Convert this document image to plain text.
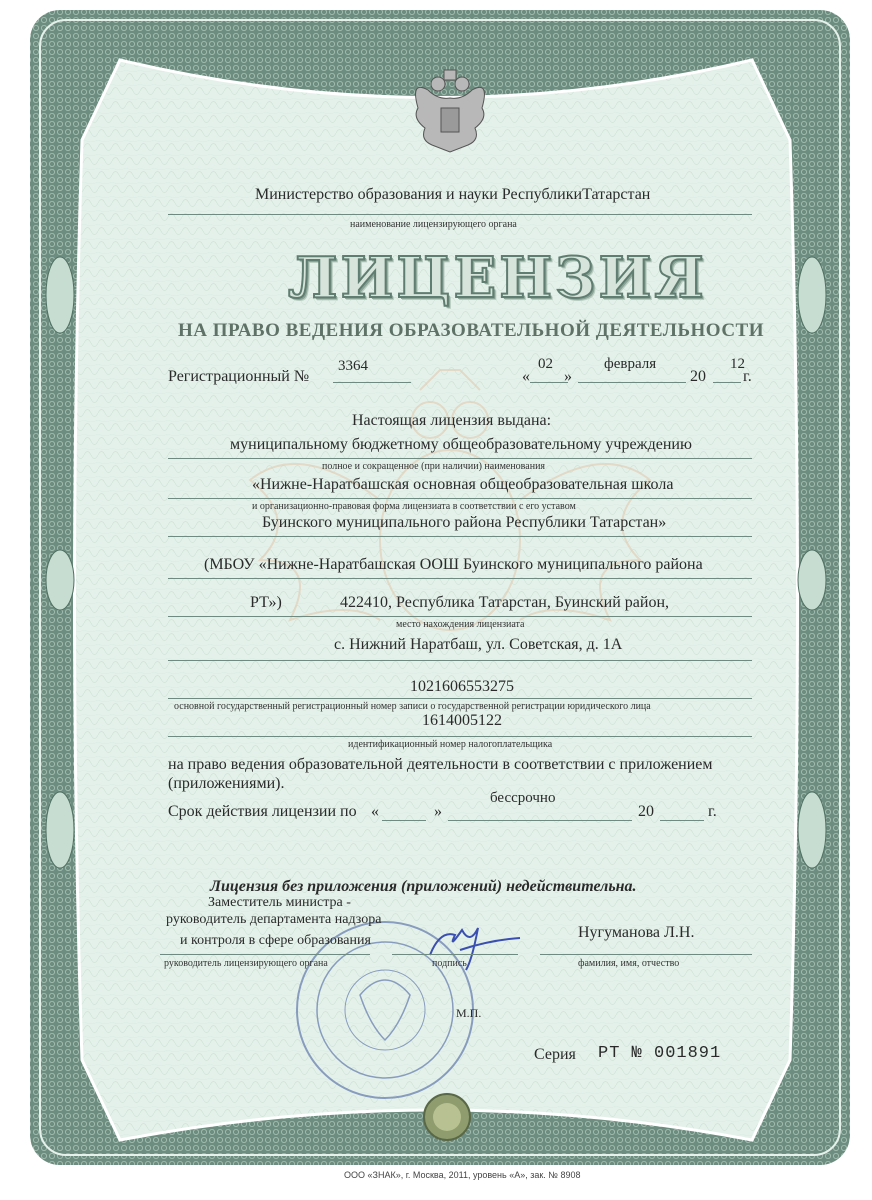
Министерство образования и науки РеспубликиТатарстан
наименование лицензирующего органа
ЛИЦЕНЗИЯ
НА ПРАВО ВЕДЕНИЯ ОБРАЗОВАТЕЛЬНОЙ ДЕЯТЕЛЬНОСТИ
Регистрационный №
3364
«
02
»
февраля
20
12
г.
Настоящая лицензия выдана:
муниципальному бюджетному общеобразовательному учреждению
полное и сокращенное (при наличии) наименования
«Нижне-Наратбашская основная общеобразовательная школа
и организационно-правовая форма лицензиата в соответствии с его уставом
Буинского муниципального района Республики Татарстан»
(МБОУ «Нижне-Наратбашская ООШ Буинского муниципального района
РТ»)	422410, Республика Татарстан, Буинский район,
место нахождения лицензиата
с. Нижний Наратбаш, ул. Советская, д. 1А
1021606553275
основной государственный регистрационный номер записи о государственной регистрации юридического лица
1614005122
идентификационный номер налогоплательщика
на право ведения образовательной деятельности в соответствии с приложением
(приложениями).
бессрочно
Срок действия лицензии по «	»	20	г.
Лицензия без приложения (приложений) недействительна.
Заместитель министра -
руководитель департамента надзора
и контроля в сфере образования
руководитель лицензирующего органа	подпись
Нугуманова Л.Н.
фамилия, имя, отчество
М.П.
Серия РТ № 001891
ООО «ЗНАК», г. Москва, 2011, уровень «А», зак. № 8908
